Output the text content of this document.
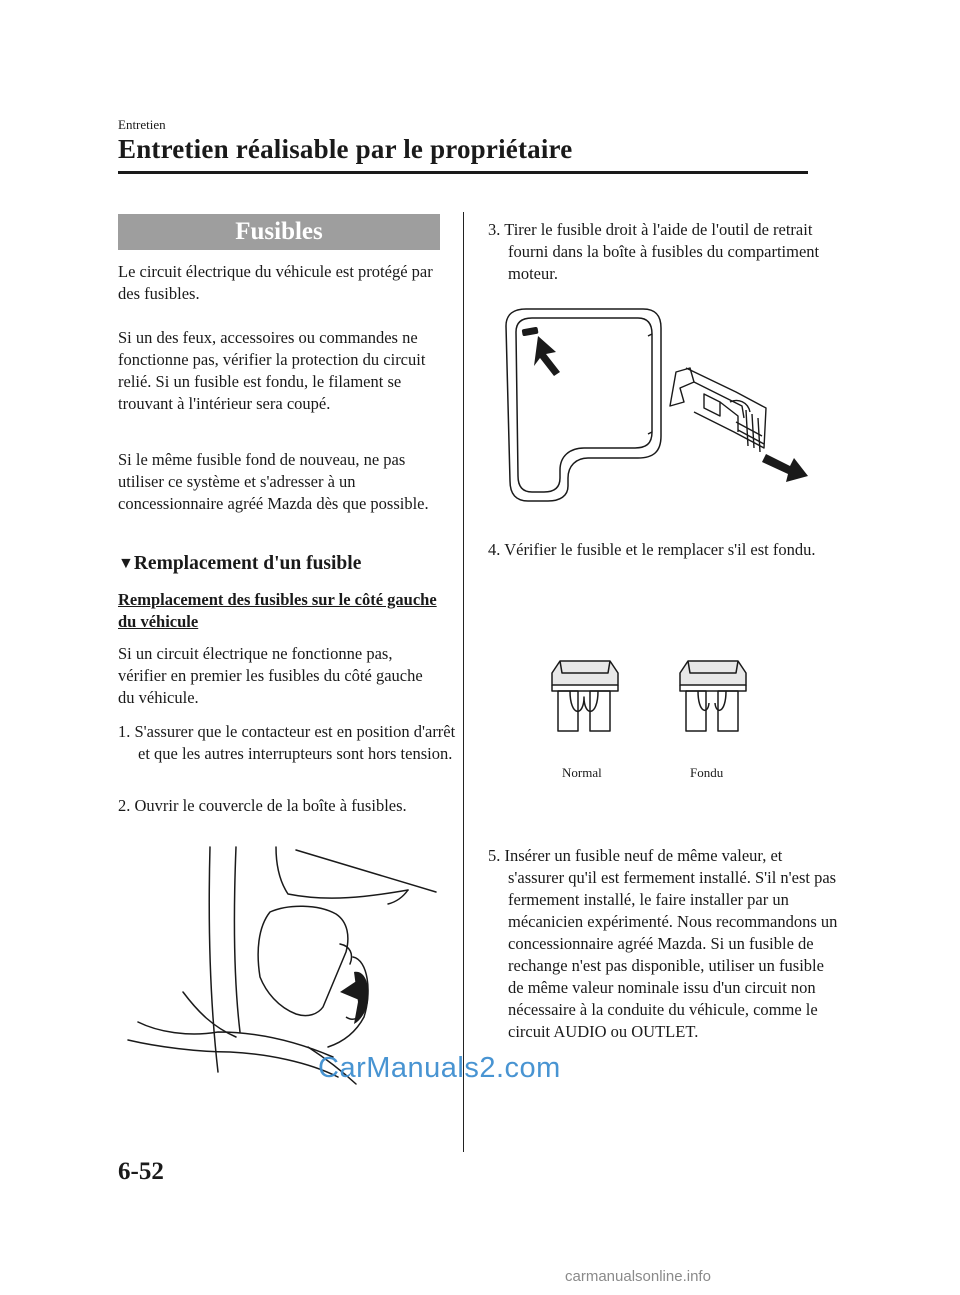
Entretien
Entretien réalisable par le propriétaire
Fusibles
Le circuit électrique du véhicule est protégé par des fusibles.
Si un des feux, accessoires ou commandes ne fonctionne pas, vérifier la protection du circuit relié. Si un fusible est fondu, le filament se trouvant à l'intérieur sera coupé.
Si le même fusible fond de nouveau, ne pas utiliser ce système et s'adresser à un concessionnaire agréé Mazda dès que possible.
▼Remplacement d'un fusible
Remplacement des fusibles sur le côté gauche du véhicule
Si un circuit électrique ne fonctionne pas, vérifier en premier les fusibles du côté gauche du véhicule.
1. S'assurer que le contacteur est en position d'arrêt et que les autres interrupteurs sont hors tension.
2. Ouvrir le couvercle de la boîte à fusibles.
3. Tirer le fusible droit à l'aide de l'outil de retrait fourni dans la boîte à fusibles du compartiment moteur.
4. Vérifier le fusible et le remplacer s'il est fondu.
Normal	Fondu
5. Insérer un fusible neuf de même valeur, et s'assurer qu'il est fermement installé. S'il n'est pas fermement installé, le faire installer par un mécanicien expérimenté. Nous recommandons un concessionnaire agréé Mazda. Si un fusible de rechange n'est pas disponible, utiliser un fusible de même valeur nominale issu d'un circuit non nécessaire à la conduite du véhicule, comme le circuit AUDIO ou OUTLET.
CarManuals2.com
6-52
carmanualsonline.info
